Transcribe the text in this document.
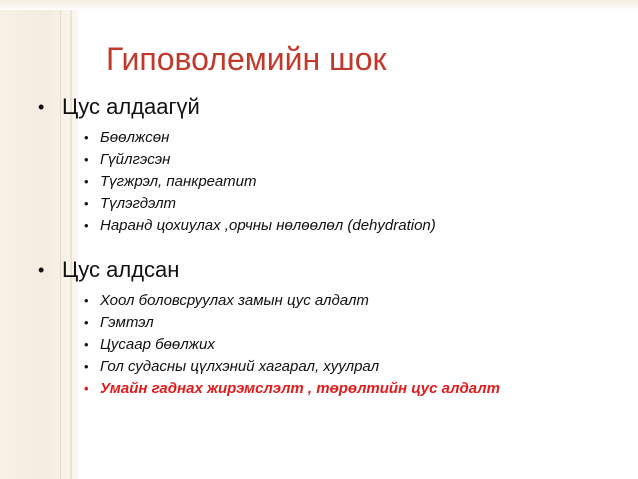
Гиповолемийн шок
• Цус алдаагүй
• Бөөлжсөн
• Гүйлгэсэн
• Түгжрэл, панкреатит
• Түлэгдэлт
• Наранд цохиулах ,орчны нөлөөлөл (dehydration)
• Цус алдсан
• Хоол боловсруулах замын цус алдалт
• Гэмтэл
• Цусаар бөөлжих
• Гол судасны цүлхэний хагарал, хуулрал
• Умайн гаднах жирэмслэлт , төрөлтийн цус алдалт
